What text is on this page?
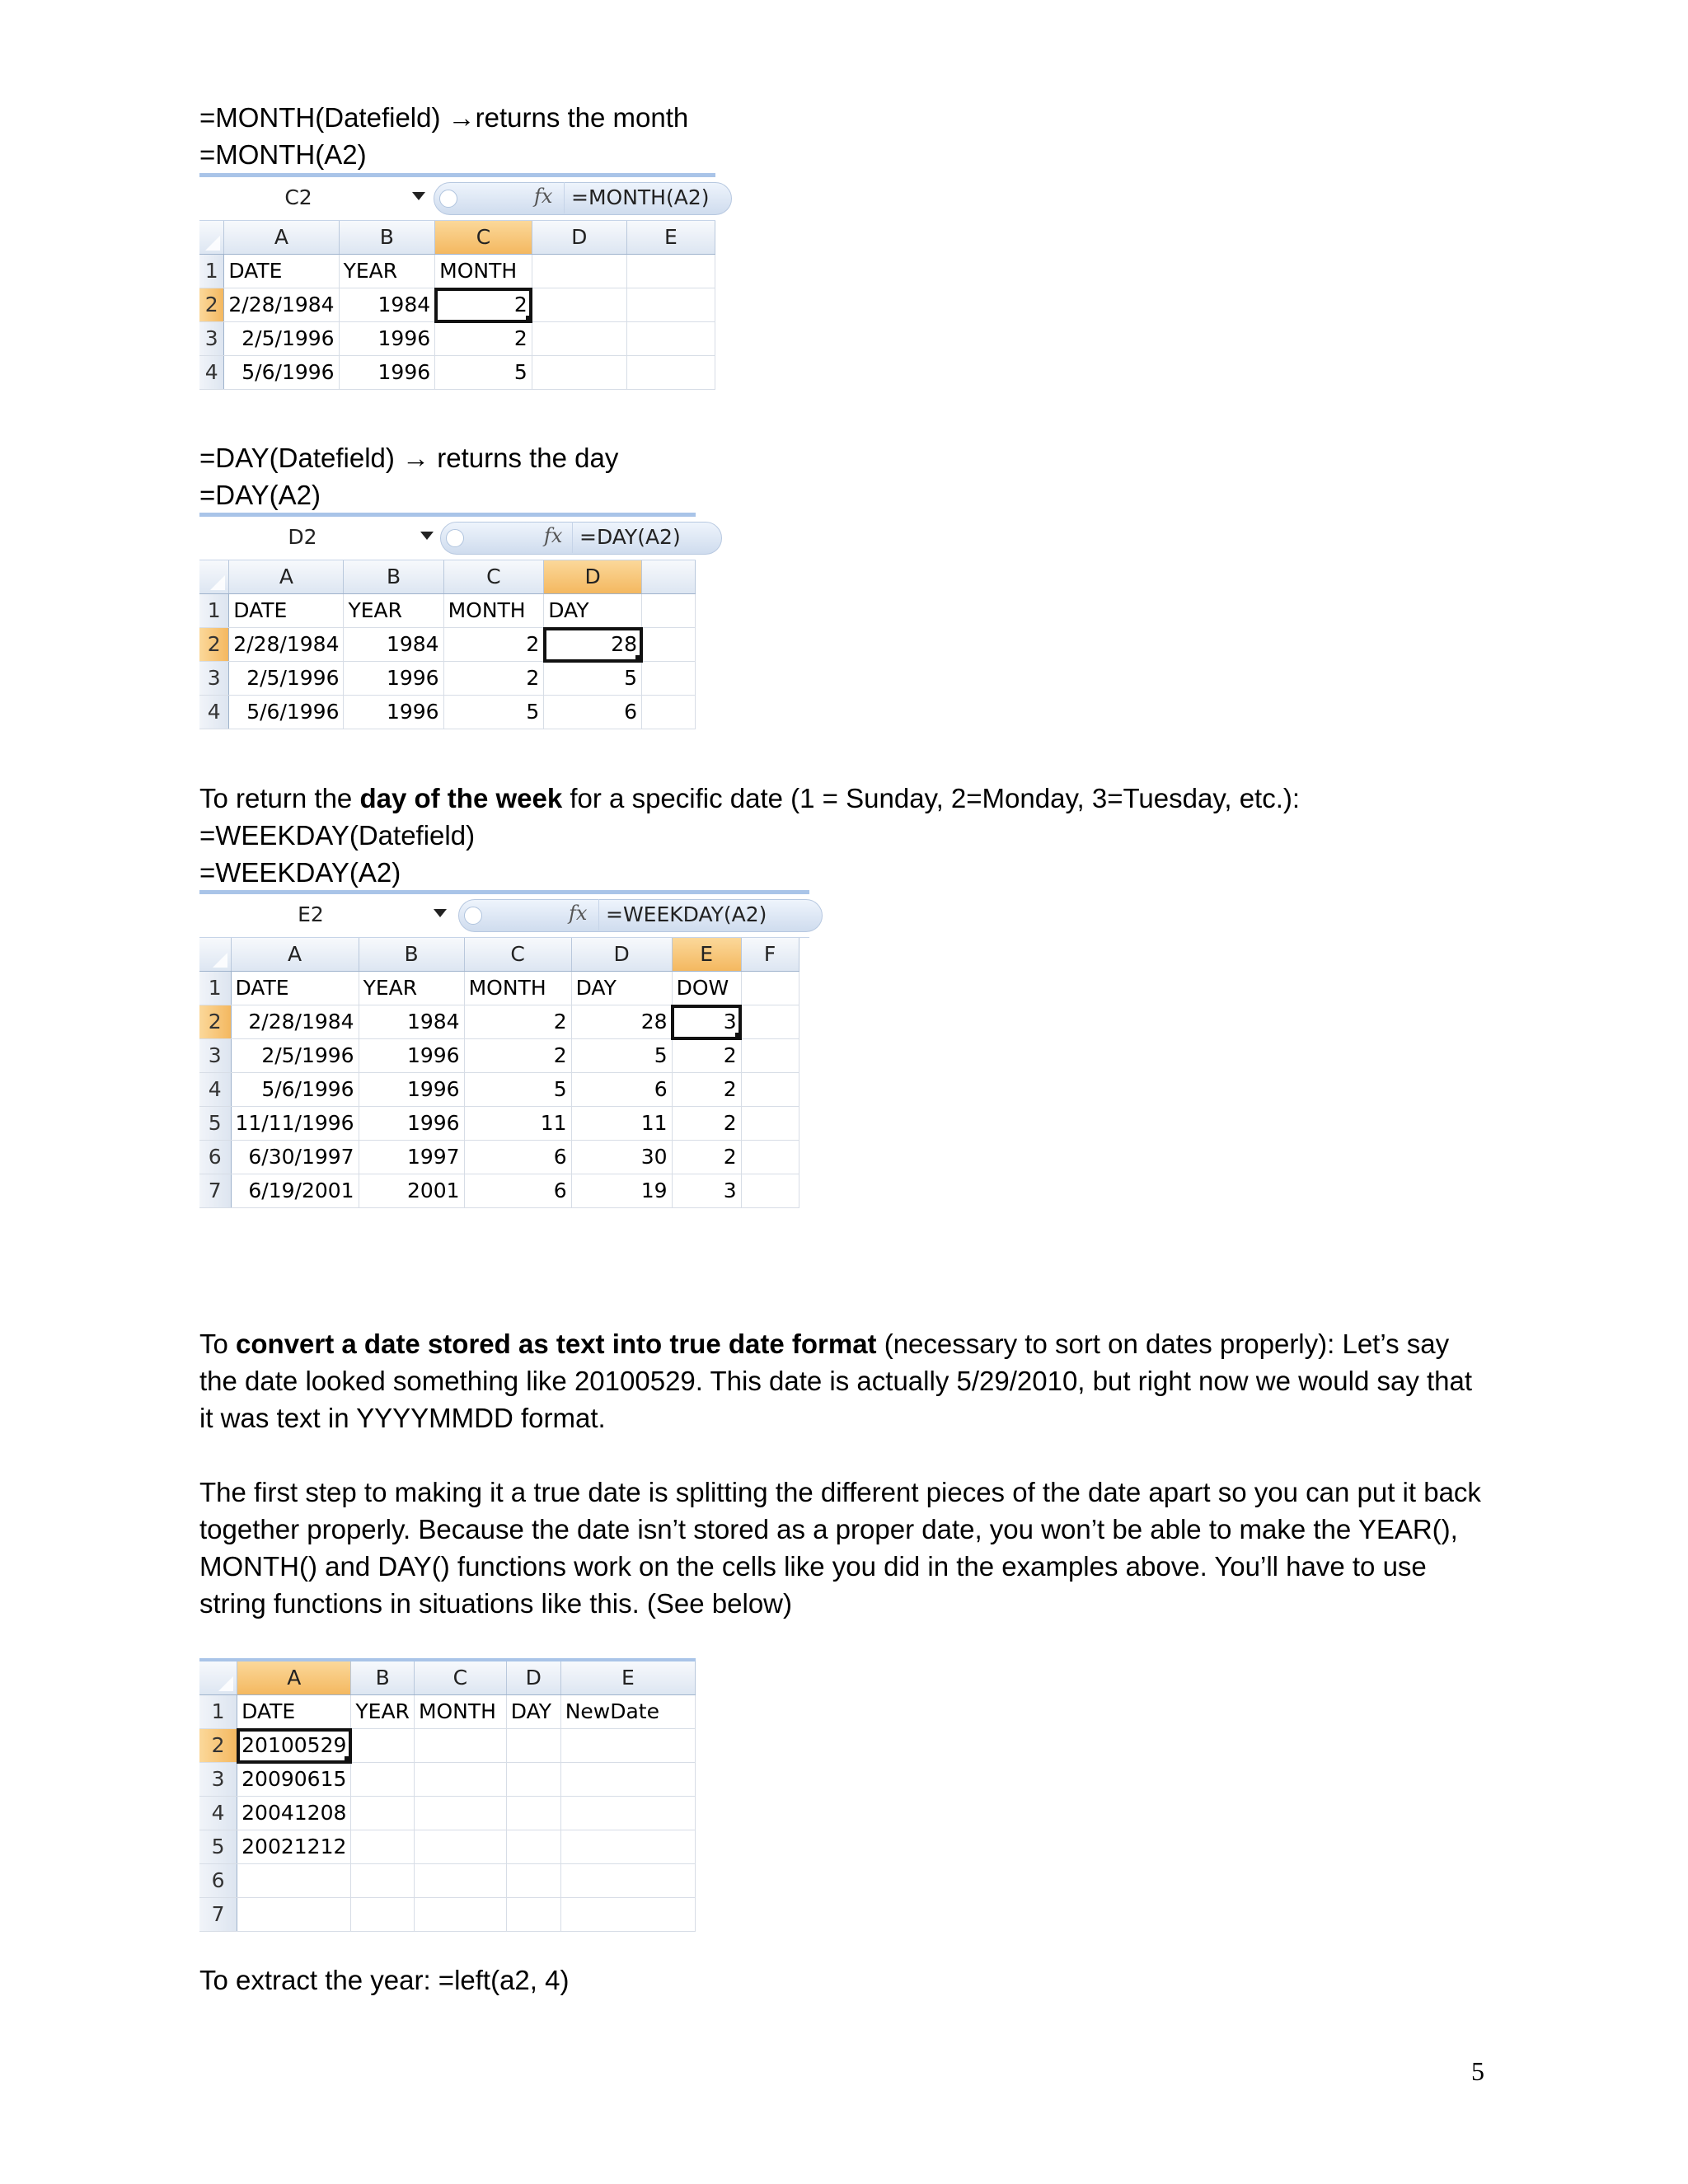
=MONTH(Datefield) →returns the month
=MONTH(A2)
C2	fx =MONTH(A2)
	A	B	C	D	E
1	DATE	YEAR	MONTH		
2	2/28/1984	1984	2		
3	2/5/1996	1996	2		
4	5/6/1996	1996	5		
=DAY(Datefield) → returns the day
=DAY(A2)
D2	fx =DAY(A2)
	A	B	C	D	
1	DATE	YEAR	MONTH	DAY	
2	2/28/1984	1984	2	28	
3	2/5/1996	1996	2	5	
4	5/6/1996	1996	5	6	
To return the day of the week for a specific date (1 = Sunday, 2=Monday, 3=Tuesday, etc.):
=WEEKDAY(Datefield)
=WEEKDAY(A2)
E2	fx =WEEKDAY(A2)
	A	B	C	D	E	F
1	DATE	YEAR	MONTH	DAY	DOW	
2	2/28/1984	1984	2	28	3	
3	2/5/1996	1996	2	5	2	
4	5/6/1996	1996	5	6	2	
5	11/11/1996	1996	11	11	2	
6	6/30/1997	1997	6	30	2	
7	6/19/2001	2001	6	19	3	
To convert a date stored as text into true date format (necessary to sort on dates properly): Let’s say the date looked something like 20100529. This date is actually 5/29/2010, but right now we would say that it was text in YYYYMMDD format.
The first step to making it a true date is splitting the different pieces of the date apart so you can put it back together properly. Because the date isn’t stored as a proper date, you won’t be able to make the YEAR(), MONTH() and DAY() functions work on the cells like you did in the examples above. You’ll have to use string functions in situations like this. (See below)
	A	B	C	D	E
1	DATE	YEAR	MONTH	DAY	NewDate
2	20100529				
3	20090615				
4	20041208				
5	20021212				
6					
7					
To extract the year: =left(a2, 4)
5
